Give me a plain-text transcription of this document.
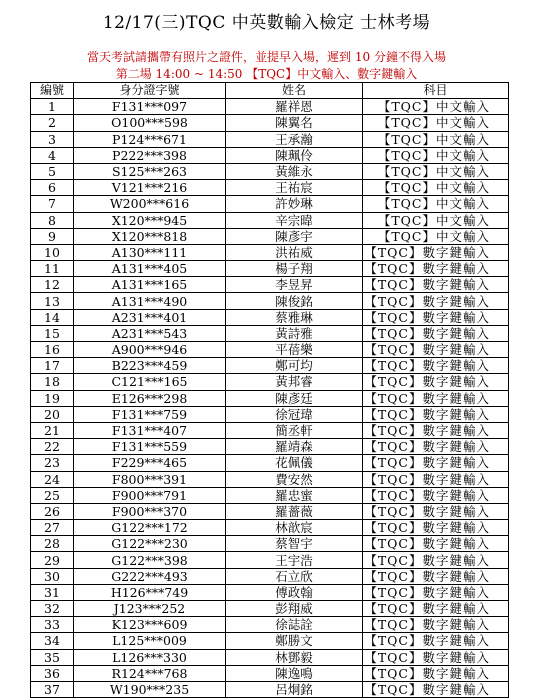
12/17(三)TQC 中英數輸入檢定 士林考場
當天考試請攜帶有照片之證件，並提早入場，遲到 10 分鐘不得入場
第二場 14:00 ~ 14:50 【TQC】中文輸入、數字鍵輸入
編號	身分證字號	姓名	科目
1	F131***097	羅祥恩	【TQC】中文輸入
2	O100***598	陳翼名	【TQC】中文輸入
3	P124***671	王承瀚	【TQC】中文輸入
4	P222***398	陳珮伶	【TQC】中文輸入
5	S125***263	黃維永	【TQC】中文輸入
6	V121***216	王祐宸	【TQC】中文輸入
7	W200***616	許妙琳	【TQC】中文輸入
8	X120***945	辛宗暐	【TQC】中文輸入
9	X120***818	陳彥宇	【TQC】中文輸入
10	A130***111	洪祐威	【TQC】數字鍵輸入
11	A131***405	楊子翔	【TQC】數字鍵輸入
12	A131***165	李昱昇	【TQC】數字鍵輸入
13	A131***490	陳俊銘	【TQC】數字鍵輸入
14	A231***401	蔡雅琳	【TQC】數字鍵輸入
15	A231***543	黃詩雅	【TQC】數字鍵輸入
16	A900***946	平蓓樂	【TQC】數字鍵輸入
17	B223***459	鄭可均	【TQC】數字鍵輸入
18	C121***165	黃邦睿	【TQC】數字鍵輸入
19	E126***298	陳彥廷	【TQC】數字鍵輸入
20	F131***759	徐冠瑋	【TQC】數字鍵輸入
21	F131***407	簡丞軒	【TQC】數字鍵輸入
22	F131***559	羅靖森	【TQC】數字鍵輸入
23	F229***465	花佩儀	【TQC】數字鍵輸入
24	F800***391	費安然	【TQC】數字鍵輸入
25	F900***791	羅忠蜜	【TQC】數字鍵輸入
26	F900***370	羅薔薇	【TQC】數字鍵輸入
27	G122***172	林歆宸	【TQC】數字鍵輸入
28	G122***230	蔡智宇	【TQC】數字鍵輸入
29	G122***398	王宇浩	【TQC】數字鍵輸入
30	G222***493	石立欣	【TQC】數字鍵輸入
31	H126***749	傅政翰	【TQC】數字鍵輸入
32	J123***252	彭翔威	【TQC】數字鍵輸入
33	K123***609	徐誌詮	【TQC】數字鍵輸入
34	L125***009	鄭勝文	【TQC】數字鍵輸入
35	L126***330	林鄧毅	【TQC】數字鍵輸入
36	R124***768	陳逸鳴	【TQC】數字鍵輸入
37	W190***235	呂炯銘	【TQC】數字鍵輸入
